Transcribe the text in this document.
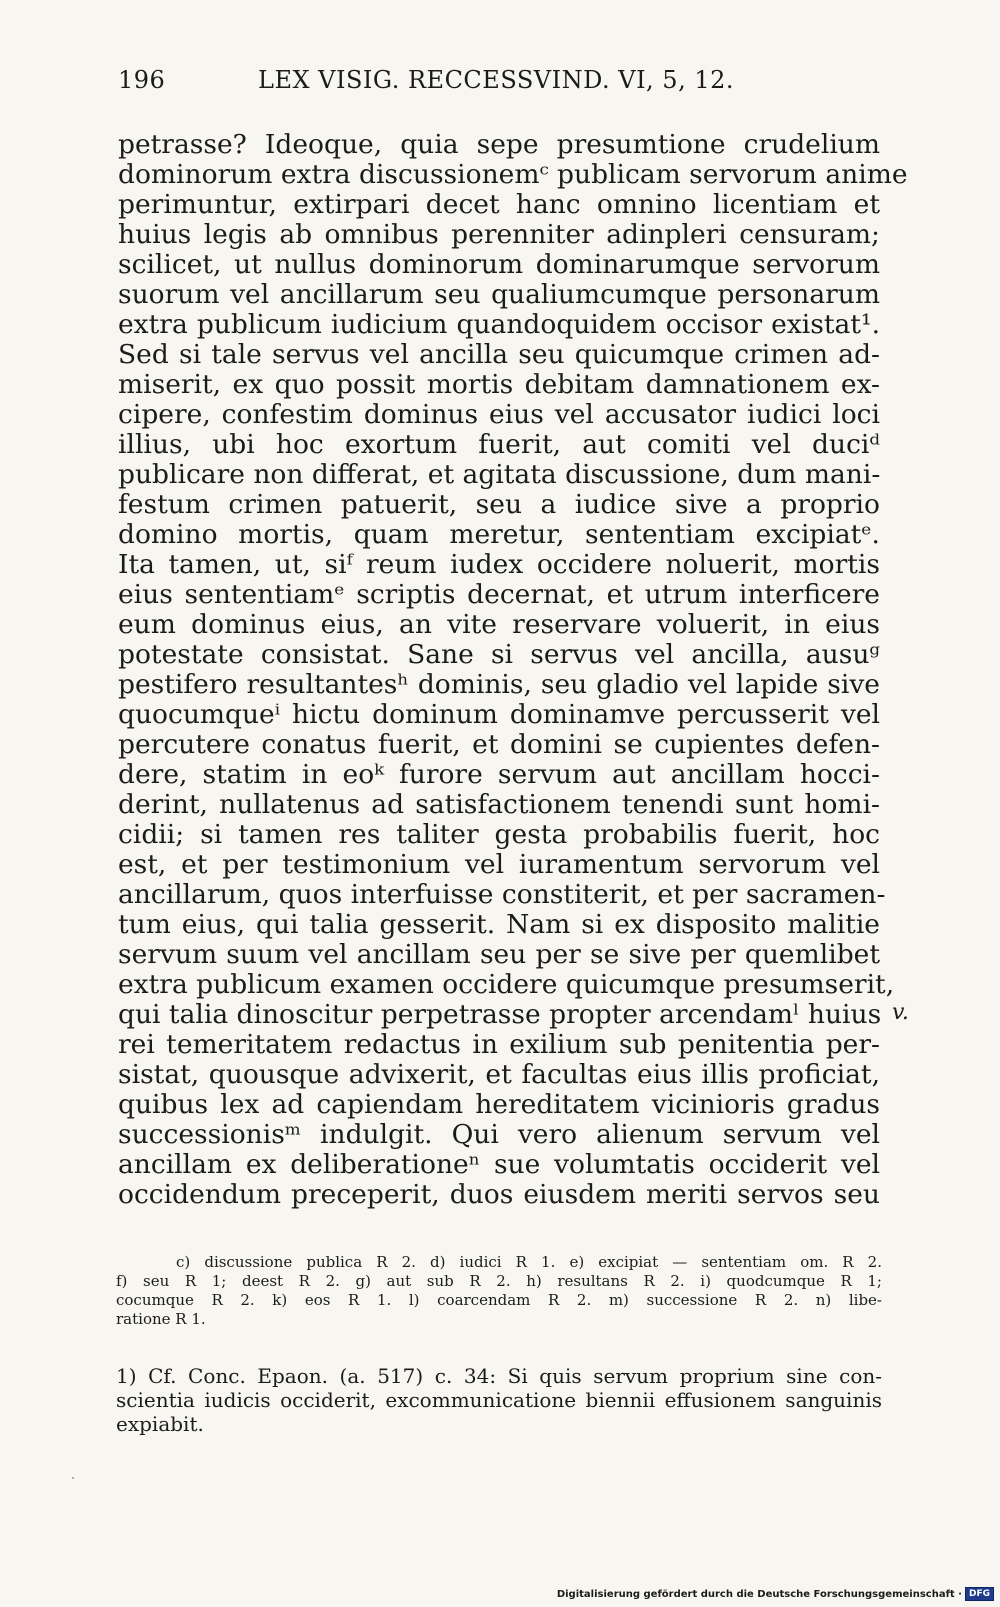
196	LEX VISIG. RECCESSVIND. VI, 5, 12.
petrasse? Ideoque, quia sepe presumtione crudelium
dominorum extra discussionemᶜ publicam servorum anime
perimuntur, extirpari decet hanc omnino licentiam et
huius legis ab omnibus perenniter adinpleri censuram;
scilicet, ut nullus dominorum dominarumque servorum
suorum vel ancillarum seu qualiumcumque personarum
extra publicum iudicium quandoquidem occisor existat¹.
Sed si tale servus vel ancilla seu quicumque crimen ad-
miserit, ex quo possit mortis debitam damnationem ex-
cipere, confestim dominus eius vel accusator iudici loci
illius, ubi hoc exortum fuerit, aut comiti vel duciᵈ
publicare non differat, et agitata discussione, dum mani-
festum crimen patuerit, seu a iudice sive a proprio
domino mortis, quam meretur, sententiam excipiatᵉ.
Ita tamen, ut, siᶠ reum iudex occidere noluerit, mortis
eius sententiamᵉ scriptis decernat, et utrum interficere
eum dominus eius, an vite reservare voluerit, in eius
potestate consistat. Sane si servus vel ancilla, ausuᵍ
pestifero resultantesʰ dominis, seu gladio vel lapide sive
quocumqueⁱ hictu dominum dominamve percusserit vel
percutere conatus fuerit, et domini se cupientes defen-
dere, statim in eoᵏ furore servum aut ancillam hocci-
derint, nullatenus ad satisfactionem tenendi sunt homi-
cidii; si tamen res taliter gesta probabilis fuerit, hoc
est, et per testimonium vel iuramentum servorum vel
ancillarum, quos interfuisse constiterit, et per sacramen-
tum eius, qui talia gesserit. Nam si ex disposito malitie
servum suum vel ancillam seu per se sive per quemlibet
extra publicum examen occidere quicumque presumserit,
qui talia dinoscitur perpetrasse propter arcendamˡ huius
rei temeritatem redactus in exilium sub penitentia per-
sistat, quousque advixerit, et facultas eius illis proficiat,
quibus lex ad capiendam hereditatem vicinioris gradus
successionisᵐ indulgit. Qui vero alienum servum vel
ancillam ex deliberationeⁿ sue volumtatis occiderit vel
occidendum preceperit, duos eiusdem meriti servos seu
v.
c) discussione publica R 2. d) iudici R 1. e) excipiat — sententiam om. R 2.
f) seu R 1; deest R 2. g) aut sub R 2. h) resultans R 2. i) quodcumque R 1;
cocumque R 2. k) eos R 1. l) coarcendam R 2. m) successione R 2. n) libe-
ratione R 1.
1) Cf. Conc. Epaon. (a. 517) c. 34: Si quis servum proprium sine con-
scientia iudicis occiderit, excommunicatione biennii effusionem sanguinis
expiabit.
Digitalisierung gefördert durch die Deutsche Forschungsgemeinschaft · DFG
